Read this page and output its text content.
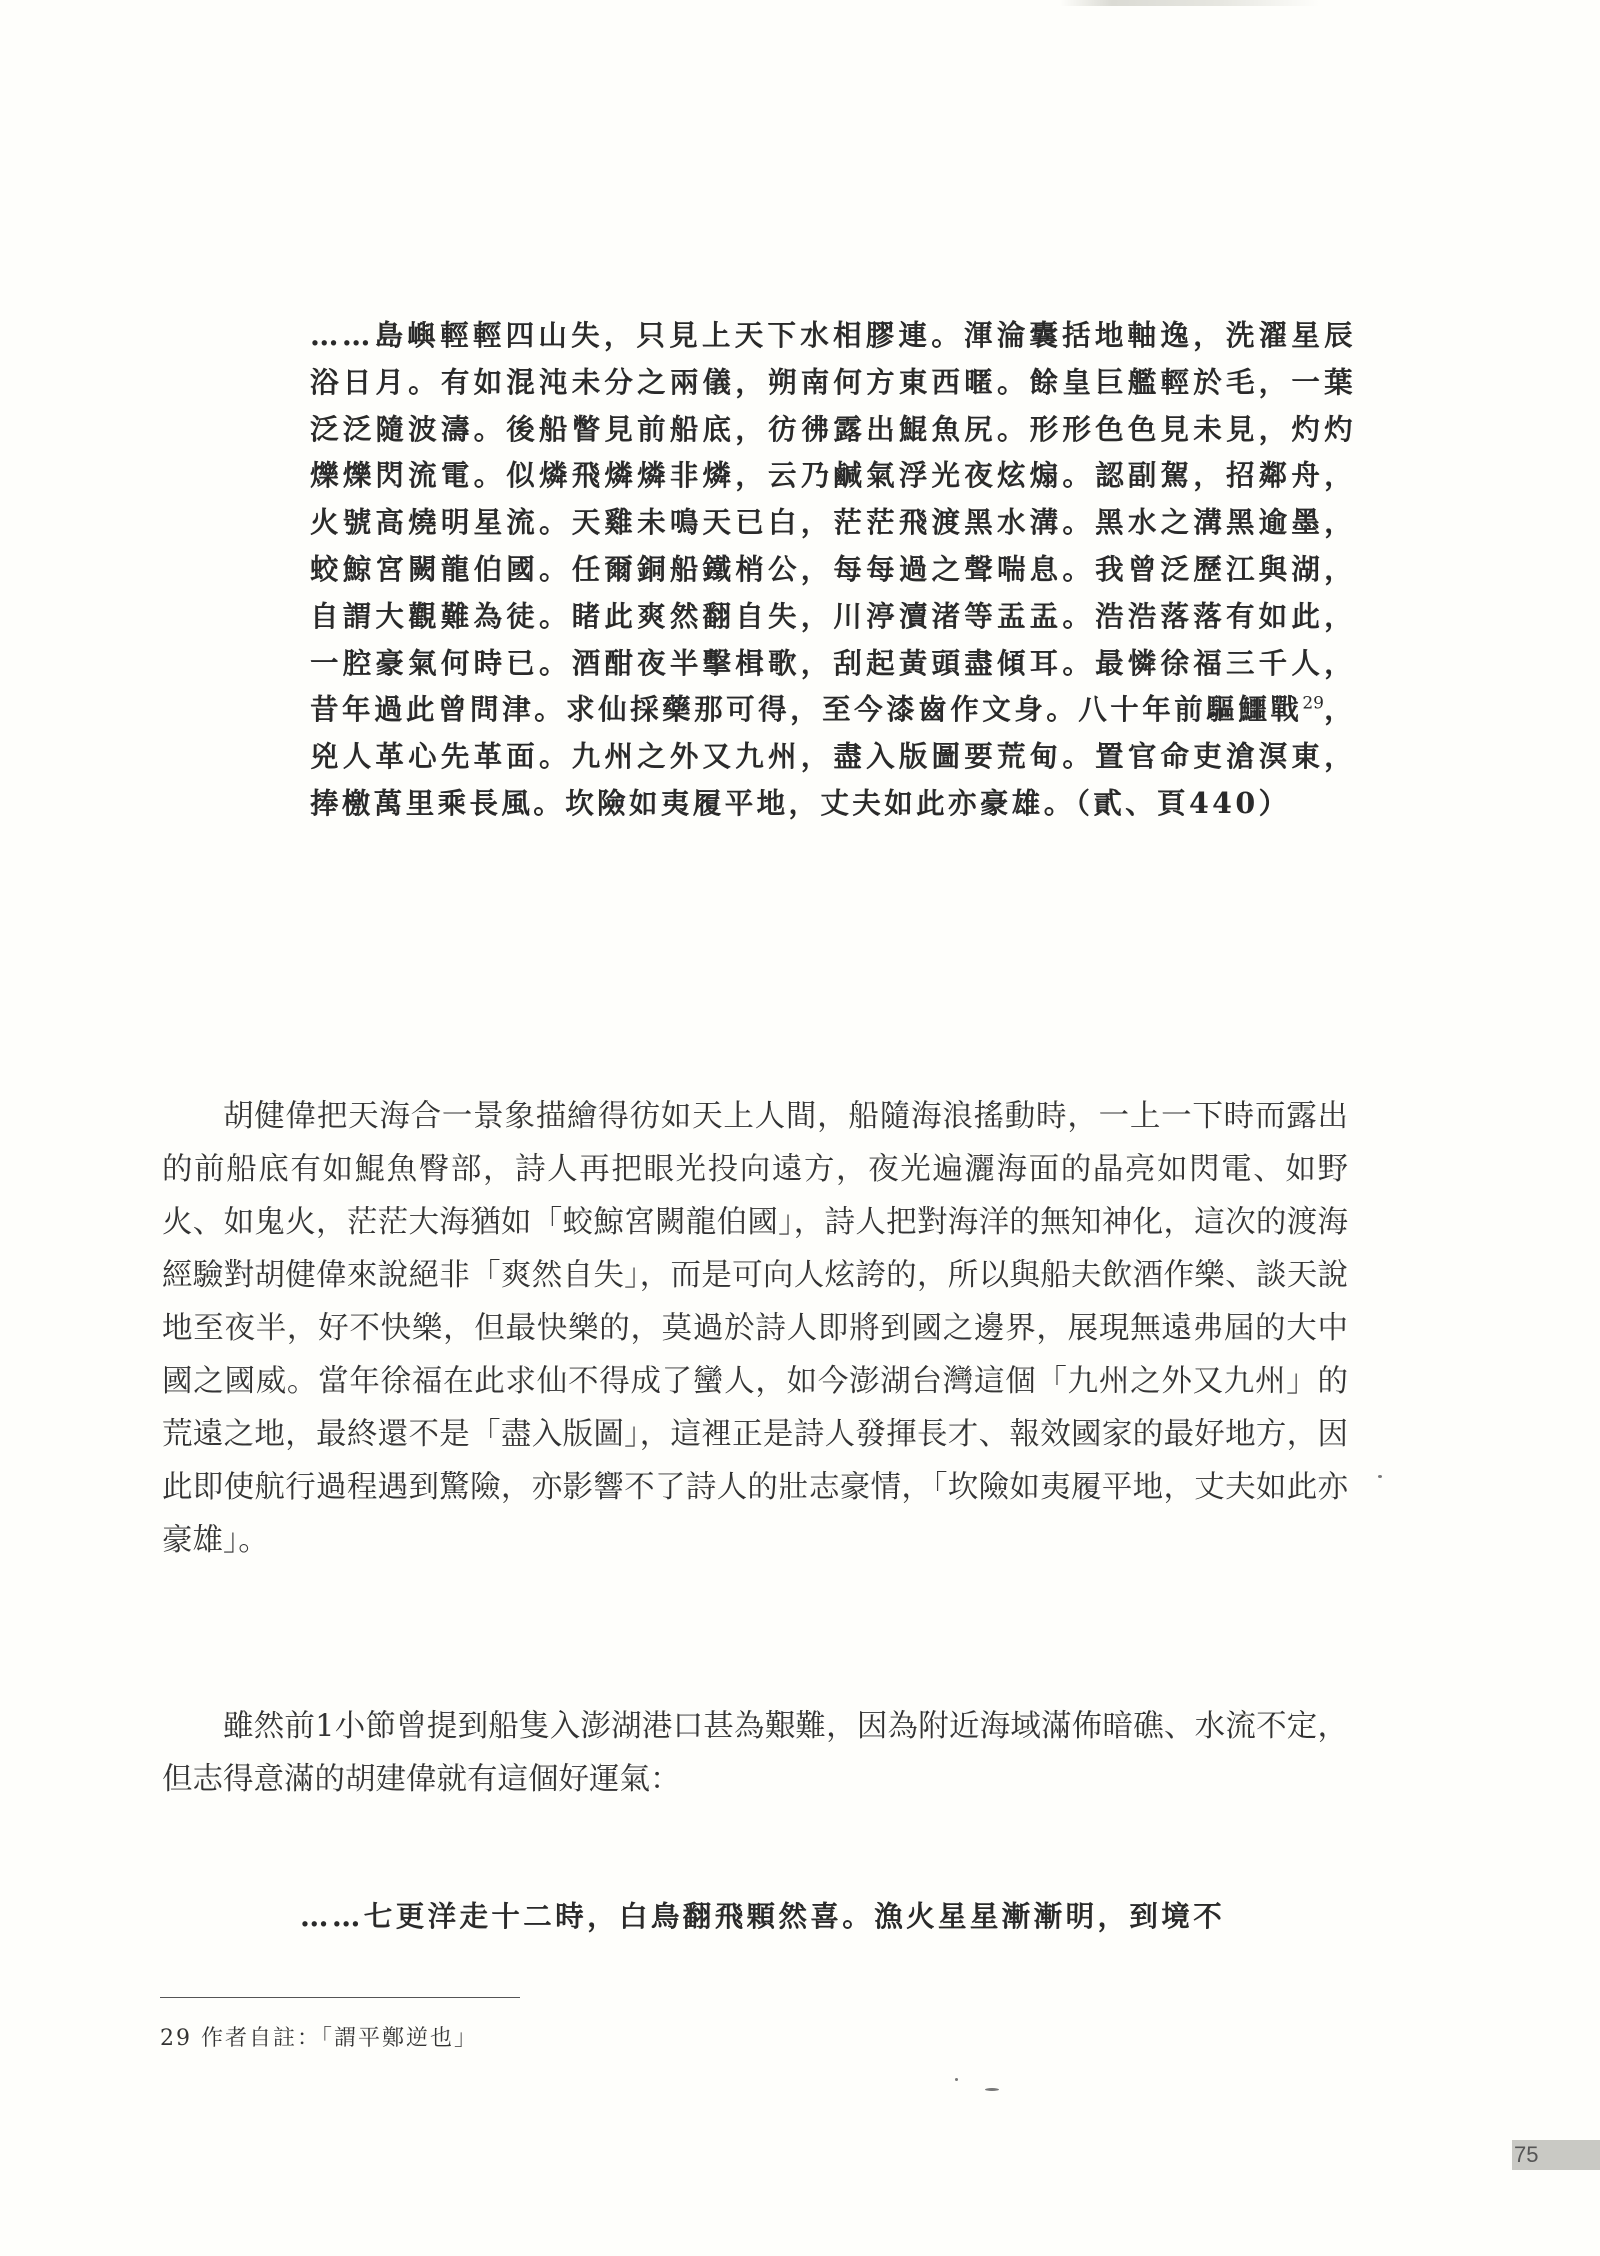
……島嶼輕輕四山失，只見上天下水相膠連。渾淪囊括地軸逸，洗濯星辰浴日月。有如混沌未分之兩儀，朔南何方東西暱。餘皇巨艦輕於毛，一葉泛泛隨波濤。後船瞥見前船底，彷彿露出鯤魚尻。形形色色見未見，灼灼爍爍閃流電。似燐飛燐燐非燐，云乃鹹氣浮光夜炫煽。認副駕，招鄰舟，火號高燒明星流。天雞未鳴天已白，茫茫飛渡黑水溝。黑水之溝黑逾墨，蛟鯨宮闕龍伯國。任爾銅船鐵梢公，每每過之聲喘息。我曾泛歷江與湖，自謂大觀難為徒。睹此爽然翻自失，川渟瀆渚等盂盂。浩浩落落有如此，一腔豪氣何時已。酒酣夜半擊楫歌，刮起黃頭盡傾耳。最憐徐福三千人，昔年過此曾問津。求仙採藥那可得，至今漆齒作文身。八十年前驅鱷戰$^{29}$，兇人革心先革面。九州之外又九州，盡入版圖要荒甸。置官命吏滄溟東，捧檄萬里乘長風。坎險如夷履平地，丈夫如此亦豪雄。（貳、頁440）

胡健偉把天海合一景象描繪得彷如天上人間，船隨海浪搖動時，一上一下時而露出的前船底有如鯤魚臀部，詩人再把眼光投向遠方，夜光遍灑海面的晶亮如閃電、如野火、如鬼火，茫茫大海猶如「蛟鯨宮闕龍伯國」，詩人把對海洋的無知神化，這次的渡海經驗對胡健偉來說絕非「爽然自失」，而是可向人炫誇的，所以與船夫飲酒作樂、談天說地至夜半，好不快樂，但最快樂的，莫過於詩人即將到國之邊界，展現無遠弗屆的大中國之國威。當年徐福在此求仙不得成了蠻人，如今澎湖台灣這個「九州之外又九州」的荒遠之地，最終還不是「盡入版圖」，這裡正是詩人發揮長才、報效國家的最好地方，因此即使航行過程遇到驚險，亦影響不了詩人的壯志豪情，「坎險如夷履平地，丈夫如此亦豪雄」。

雖然前1小節曾提到船隻入澎湖港口甚為艱難，因為附近海域滿佈暗礁、水流不定，但志得意滿的胡建偉就有這個好運氣：

……七更洋走十二時，白鳥翻飛顆然喜。漁火星星漸漸明，到境不

29 作者自註：「謂平鄭逆也」

75
